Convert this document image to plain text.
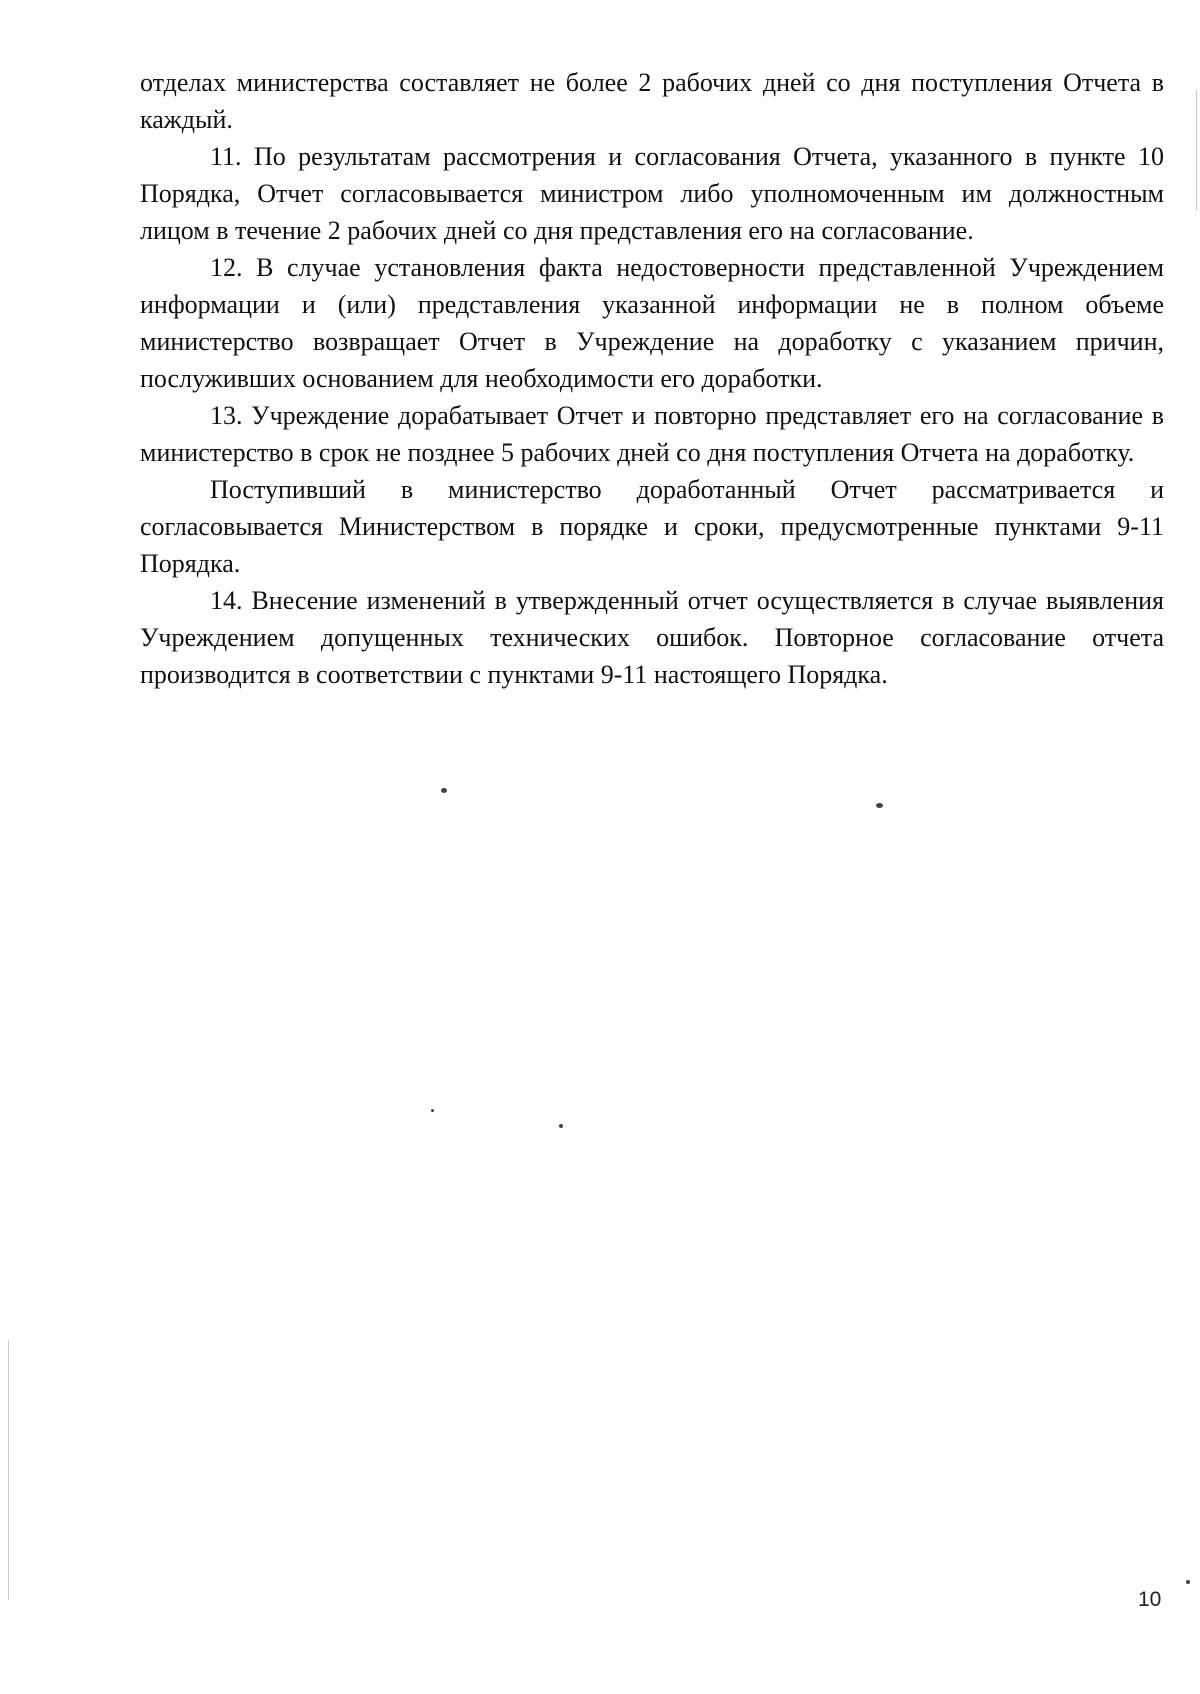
отделах министерства составляет не более 2 рабочих дней со дня поступления Отчета в каждый.

11. По результатам рассмотрения и согласования Отчета, указанного в пункте 10 Порядка, Отчет согласовывается министром либо уполномоченным им должностным лицом в течение 2 рабочих дней со дня представления его на согласование.

12. В случае установления факта недостоверности представленной Учреждением информации и (или) представления указанной информации не в полном объеме министерство возвращает Отчет в Учреждение на доработку с указанием причин, послуживших основанием для необходимости его доработки.

13. Учреждение дорабатывает Отчет и повторно представляет его на согласование в министерство в срок не позднее 5 рабочих дней со дня поступления Отчета на доработку.

Поступивший в министерство доработанный Отчет рассматривается и согласовывается Министерством в порядке и сроки, предусмотренные пунктами 9-11 Порядка.

14. Внесение изменений в утвержденный отчет осуществляется в случае выявления Учреждением допущенных технических ошибок. Повторное согласование отчета производится в соответствии с пунктами 9-11 настоящего Порядка.

10
